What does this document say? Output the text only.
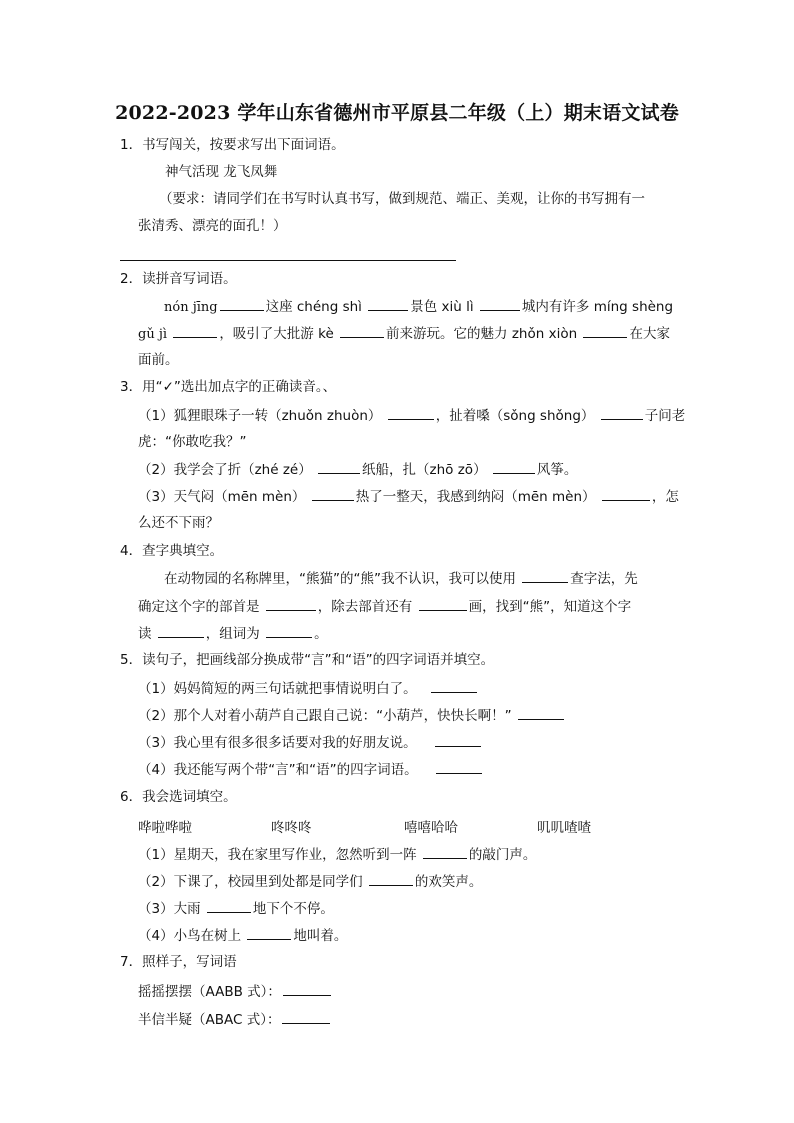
2022-2023 学年山东省德州市平原县二年级（上）期末语文试卷
1．书写闯关，按要求写出下面词语。
神气活现 龙飞凤舞
（要求：请同学们在书写时认真书写，做到规范、端正、美观，让你的书写拥有一
张清秀、漂亮的面孔！）
2．读拼音写词语。
nón jīng	这座 chéng shì	景色 xiù lì	城内有许多 míng shèng
gǔ jì	，吸引了大批游 kè	前来游玩。它的魅力 zhǒn xiòn	在大家
面前。
3．用“✓”选出加点字的正确读音。、
（1）狐狸眼珠子一转（zhuǒn zhuòn）	，扯着嗓（sǒng shǒng）	子问老
虎：“你敢吃我？”
（2）我学会了折（zhé zé）	纸船，扎（zhō zō）	风筝。
（3）天气闷（mēn mèn）	热了一整天，我感到纳闷（mēn mèn）	，怎
么还不下雨？
4．查字典填空。
在动物园的名称牌里，“熊猫”的“熊”我不认识，我可以使用	查字法，先
确定这个字的部首是	，除去部首还有	画，找到“熊”，知道这个字
读	，组词为	。
5．读句子，把画线部分换成带“言”和“语”的四字词语并填空。
（1）妈妈简短的两三句话就把事情说明白了。
（2）那个人对着小葫芦自己跟自己说：“小葫芦，快快长啊！”
（3）我心里有很多很多话要对我的好朋友说。
（4）我还能写两个带“言”和“语”的四字词语。
6．我会选词填空。
哗啦哗啦	咚咚咚	嘻嘻哈哈	叽叽喳喳
（1）星期天，我在家里写作业，忽然听到一阵	的敲门声。
（2）下课了，校园里到处都是同学们	的欢笑声。
（3）大雨	地下个不停。
（4）小鸟在树上	地叫着。
7．照样子，写词语
摇摇摆摆（AABB 式）：
半信半疑（ABAC 式）：
